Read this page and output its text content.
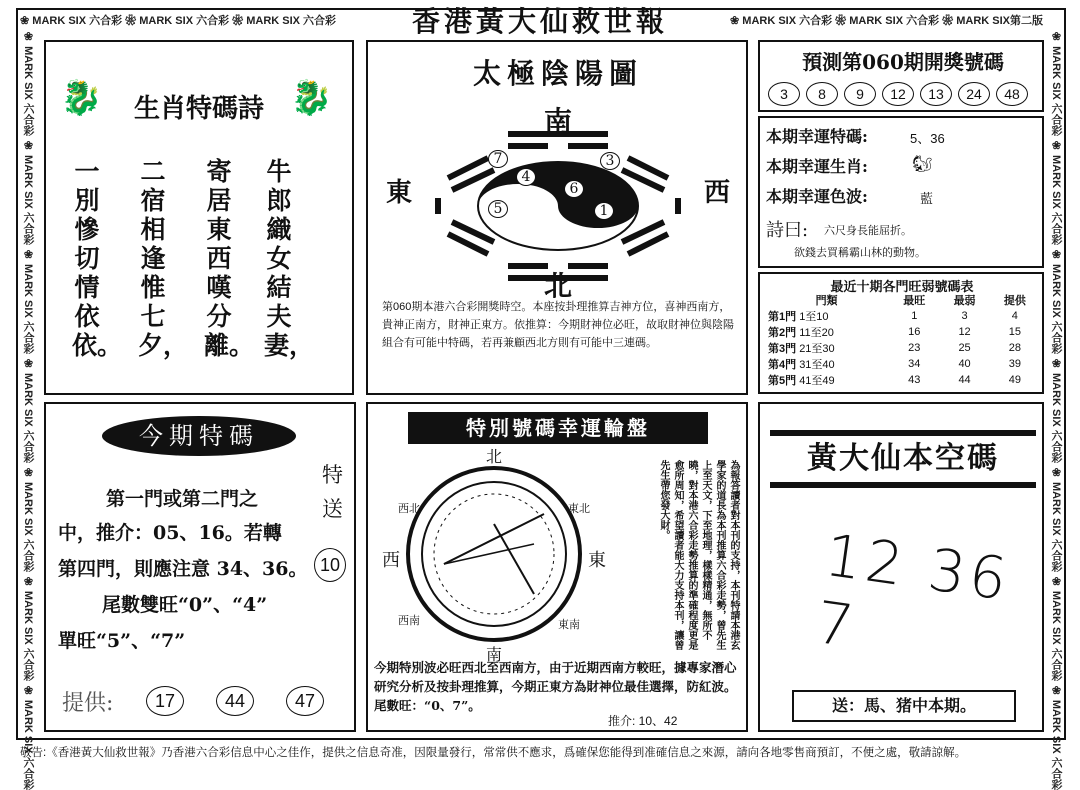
❀ MARK SIX 六合彩 ❀ MARK SIX 六合彩 ❀ MARK SIX 六合彩	❀ MARK SIX 六合彩 ❀ MARK SIX 六合彩 ❀ MARK SIX第二版
❀ MARK SIX 六合彩 ❀ MARK SIX 六合彩 ❀ MARK SIX 六合彩 ❀ MARK SIX 六合彩 ❀ MARK SIX 六合彩 ❀ MARK SIX 六合彩 ❀ MARK SIX 六合彩
❀ MARK SIX 六合彩 ❀ MARK SIX 六合彩 ❀ MARK SIX 六合彩 ❀ MARK SIX 六合彩 ❀ MARK SIX 六合彩 ❀ MARK SIX 六合彩 ❀ MARK SIX 六合彩
香港黃大仙救世報
🐉	生肖特碼詩 🐉
牛郎織女結夫妻，
寄居東西嘆分離。
二宿相逢惟七夕，
一別慘切情依依。
太極陰陽圖
南
北
東	西
7	3
4
6
5	1
第060期本港六合彩開獎時空。本座按卦理推算吉神方位，喜神西南方，貴神正南方，財神正東方。依推算：今期財神位必旺，故取財神位與陰陽組合有可能中特碼，若再兼顧西北方則有可能中三連碼。
預測第060期開獎號碼
3 8 9 12 13 24 48
本期幸運特碼:	5、36
本期幸運生肖:	🐿
本期幸運色波:	藍
詩曰: 六尺身長能屈折。
欲錢去買稱霸山林的動物。
最近十期各門旺弱號碼表
門類	最旺	最弱	提供
第1門 1至10	1	3	4
第2門 11至20	16	12	15
第3門 21至30	23	25	28
第4門 31至40	34	40	39
第5門 41至49	43	44	49
今期特碼
第一門或第二門之
中，推介：05、16。若轉
第四門，則應注意 34、36。
尾數雙旺“0”、“4”
單旺“5”、“7”
特送
10
提供:	17	44	47
特別號碼幸運輪盤
北
南
西	東
西北	東北
西南	東南	為報答讀者對本刊的支持，本刊特請本港玄學家的道長為本刊推算六合彩走勢，曾先生上至天文，下至地理，樣樣精通，無所不曉，對本港六合彩走勢推算的準確程度更是愈所周知，希望讀者能大力支持本刊，讓曾先生帶您發大財。
今期特別波必旺西北至西南方，由于近期西南方較旺，據專家潛心研究分析及按卦理推算，今期正東方為財神位最佳選擇，防紅波。尾數旺：“0、7”。
推介: 10、42
黃大仙本空碼
12 36 7
送：馬、猪中本期。
敬告:《香港黃大仙救世報》乃香港六合彩信息中心之佳作，提供之信息奇准，因限量發行，常常供不應求，爲確保您能得到准確信息之來源，請向各地零售商預訂，不便之處，敬請諒解。
